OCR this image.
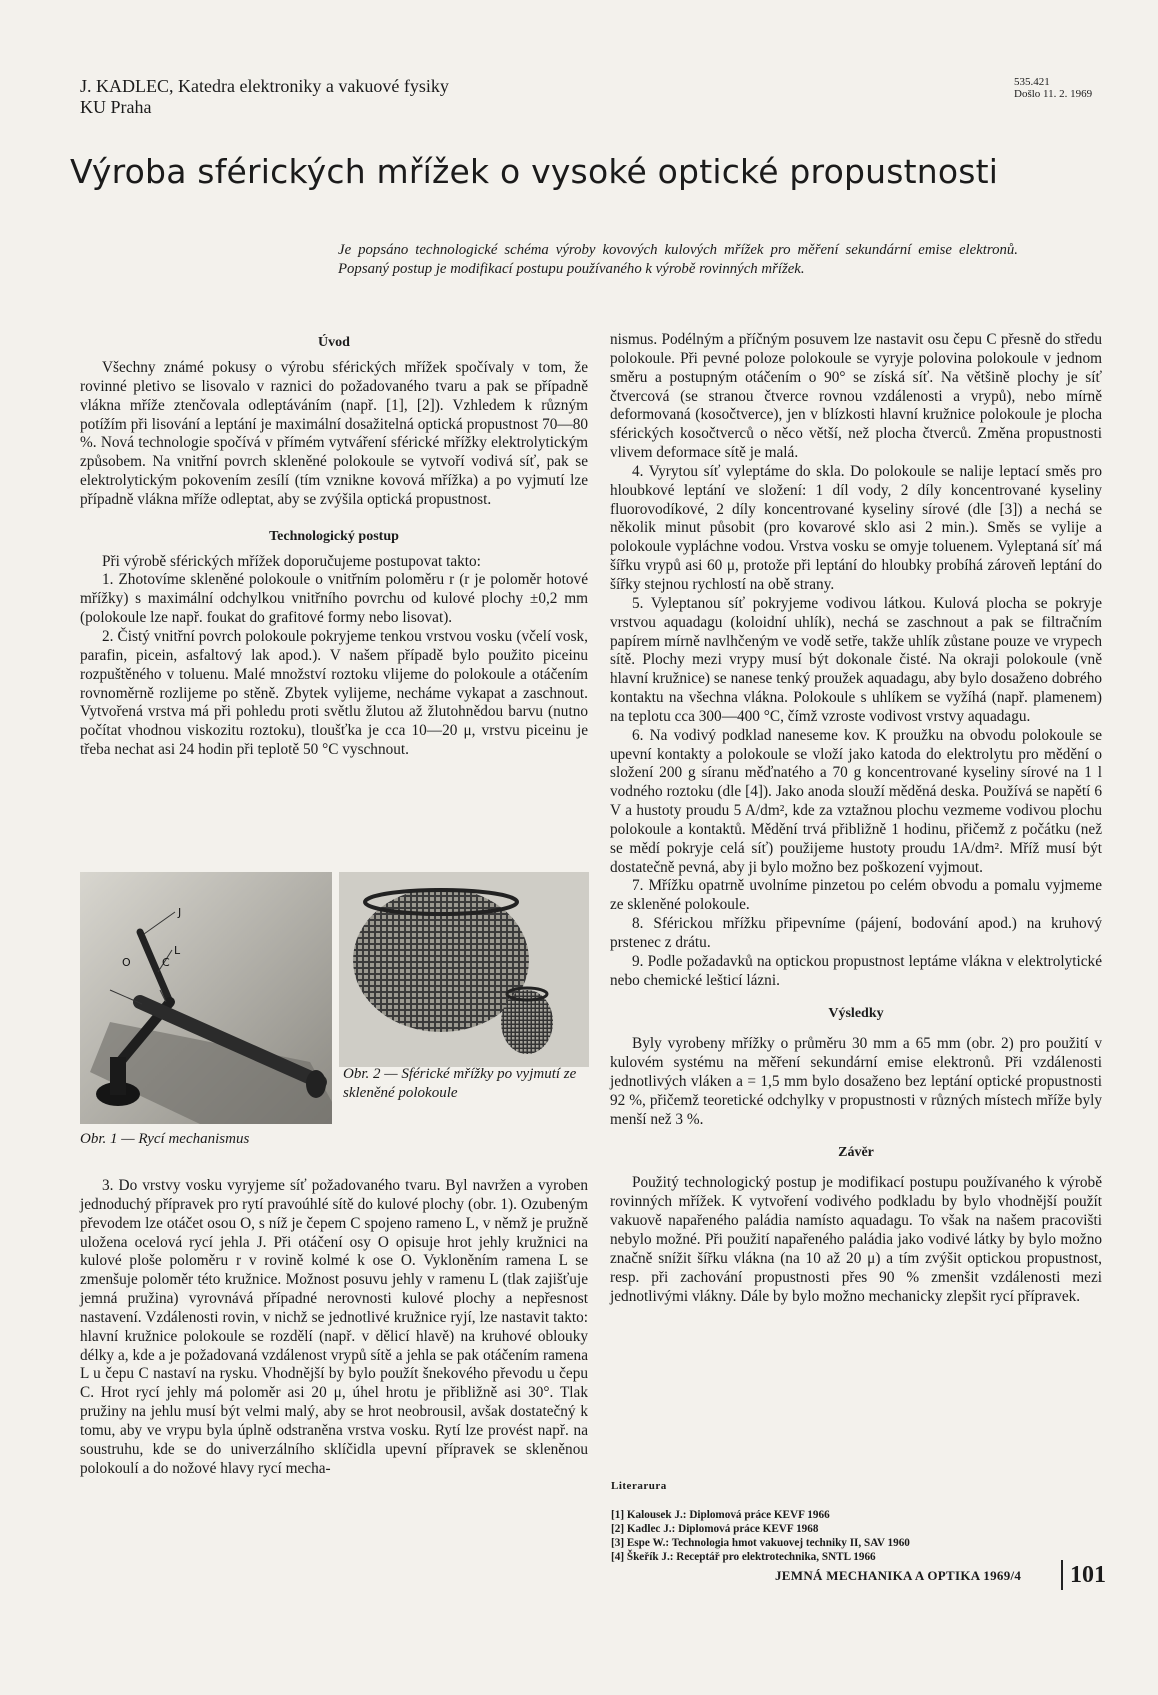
J. KADLEC, Katedra elektroniky a vakuové fysiky
KU Praha
535.421
Došlo 11. 2. 1969
Výroba sférických mřížek o vysoké optické propustnosti
Je popsáno technologické schéma výroby kovových kulových mřížek pro měření sekundární emise elektronů. Popsaný postup je modifikací postupu používaného k výrobě rovinných mřížek.
Úvod

Všechny známé pokusy o výrobu sférických mřížek spočívaly v tom, že rovinné pletivo se lisovalo v raznici do požadovaného tvaru a pak se případně vlákna mříže ztenčovala odleptáváním (např. [1], [2]). Vzhledem k různým potížím při lisování a leptání je maximální dosažitelná optická propustnost 70—80 %. Nová technologie spočívá v přímém vytváření sférické mřížky elektrolytickým způsobem. Na vnitřní povrch skleněné polokoule se vytvoří vodivá síť, pak se elektrolytickým pokovením zesílí (tím vznikne kovová mřížka) a po vyjmutí lze případně vlákna mříže odleptat, aby se zvýšila optická propustnost.

Technologický postup

Při výrobě sférických mřížek doporučujeme postupovat takto:

1. Zhotovíme skleněné polokoule o vnitřním poloměru r (r je poloměr hotové mřížky) s maximální odchylkou vnitřního povrchu od kulové plochy ±0,2 mm (polokoule lze např. foukat do grafitové formy nebo lisovat).

2. Čistý vnitřní povrch polokoule pokryjeme tenkou vrstvou vosku (včelí vosk, parafin, picein, asfaltový lak apod.). V našem případě bylo použito piceinu rozpuštěného v toluenu. Malé množství roztoku vlijeme do polokoule a otáčením rovnoměrně rozlijeme po stěně. Zbytek vylijeme, necháme vykapat a zaschnout. Vytvořená vrstva má při pohledu proti světlu žlutou až žlutohnědou barvu (nutno počítat vhodnou viskozitu roztoku), tloušťka je cca 10—20 μ, vrstvu piceinu je třeba nechat asi 24 hodin při teplotě 50 °C vyschnout.

J
L
O	C
Obr. 1 — Rycí mechanismus
Obr. 2 — Sférické mřížky po vyjmutí ze skleněné polokoule

3. Do vrstvy vosku vyryjeme síť požadovaného tvaru. Byl navržen a vyroben jednoduchý přípravek pro rytí pravoúhlé sítě do kulové plochy (obr. 1). Ozubeným převodem lze otáčet osou O, s níž je čepem C spojeno rameno L, v němž je pružně uložena ocelová rycí jehla J. Při otáčení osy O opisuje hrot jehly kružnici na kulové ploše poloměru r v rovině kolmé k ose O. Vykloněním ramena L se zmenšuje poloměr této kružnice. Možnost posuvu jehly v ramenu L (tlak zajišťuje jemná pružina) vyrovnává případné nerovnosti kulové plochy a nepřesnost nastavení. Vzdálenosti rovin, v nichž se jednotlivé kružnice ryjí, lze nastavit takto: hlavní kružnice polokoule se rozdělí (např. v dělicí hlavě) na kruhové oblouky délky a, kde a je požadovaná vzdálenost vrypů sítě a jehla se pak otáčením ramena L u čepu C nastaví na rysku. Vhodnější by bylo použít šnekového převodu u čepu C. Hrot rycí jehly má poloměr asi 20 μ, úhel hrotu je přibližně asi 30°. Tlak pružiny na jehlu musí být velmi malý, aby se hrot neobrousil, avšak dostatečný k tomu, aby ve vrypu byla úplně odstraněna vrstva vosku. Rytí lze provést např. na soustruhu, kde se do univerzálního sklíčidla upevní přípravek se skleněnou polokoulí a do nožové hlavy rycí mecha-

nismus. Podélným a příčným posuvem lze nastavit osu čepu C přesně do středu polokoule. Při pevné poloze polokoule se vyryje polovina polokoule v jednom směru a postupným otáčením o 90° se získá síť. Na většině plochy je síť čtvercová (se stranou čtverce rovnou vzdálenosti a vrypů), nebo mírně deformovaná (kosočtverce), jen v blízkosti hlavní kružnice polokoule je plocha sférických kosočtverců o něco větší, než plocha čtverců. Změna propustnosti vlivem deformace sítě je malá.

4. Vyrytou síť vyleptáme do skla. Do polokoule se nalije leptací směs pro hloubkové leptání ve složení: 1 díl vody, 2 díly koncentrované kyseliny fluorovodíkové, 2 díly koncentrované kyseliny sírové (dle [3]) a nechá se několik minut působit (pro kovarové sklo asi 2 min.). Směs se vylije a polokoule vypláchne vodou. Vrstva vosku se omyje toluenem. Vyleptaná síť má šířku vrypů asi 60 μ, protože při leptání do hloubky probíhá zároveň leptání do šířky stejnou rychlostí na obě strany.

5. Vyleptanou síť pokryjeme vodivou látkou. Kulová plocha se pokryje vrstvou aquadagu (koloidní uhlík), nechá se zaschnout a pak se filtračním papírem mírně navlhčeným ve vodě setře, takže uhlík zůstane pouze ve vrypech sítě. Plochy mezi vrypy musí být dokonale čisté. Na okraji polokoule (vně hlavní kružnice) se nanese tenký proužek aquadagu, aby bylo dosaženo dobrého kontaktu na všechna vlákna. Polokoule s uhlíkem se vyžíhá (např. plamenem) na teplotu cca 300—400 °C, čímž vzroste vodivost vrstvy aquadagu.

6. Na vodivý podklad naneseme kov. K proužku na obvodu polokoule se upevní kontakty a polokoule se vloží jako katoda do elektrolytu pro mědění o složení 200 g síranu měďnatého a 70 g koncentrované kyseliny sírové na 1 l vodného roztoku (dle [4]). Jako anoda slouží měděná deska. Používá se napětí 6 V a hustoty proudu 5 A/dm², kde za vztažnou plochu vezmeme vodivou plochu polokoule a kontaktů. Mědění trvá přibližně 1 hodinu, přičemž z počátku (než se mědí pokryje celá síť) použijeme hustoty proudu 1A/dm². Mříž musí být dostatečně pevná, aby ji bylo možno bez poškození vyjmout.

7. Mřížku opatrně uvolníme pinzetou po celém obvodu a pomalu vyjmeme ze skleněné polokoule.

8. Sférickou mřížku připevníme (pájení, bodování apod.) na kruhový prstenec z drátu.

9. Podle požadavků na optickou propustnost leptáme vlákna v elektrolytické nebo chemické lešticí lázni.

Výsledky

Byly vyrobeny mřížky o průměru 30 mm a 65 mm (obr. 2) pro použití v kulovém systému na měření sekundární emise elektronů. Při vzdálenosti jednotlivých vláken a = 1,5 mm bylo dosaženo bez leptání optické propustnosti 92 %, přičemž teoretické odchylky v propustnosti v různých místech mříže byly menší než 3 %.

Závěr

Použitý technologický postup je modifikací postupu používaného k výrobě rovinných mřížek. K vytvoření vodivého podkladu by bylo vhodnější použít vakuově napařeného paládia namísto aquadagu. To však na našem pracovišti nebylo možné. Při použití napařeného paládia jako vodivé látky by bylo možno značně snížit šířku vlákna (na 10 až 20 μ) a tím zvýšit optickou propustnost, resp. při zachování propustnosti přes 90 % zmenšit vzdálenosti mezi jednotlivými vlákny. Dále by bylo možno mechanicky zlepšit rycí přípravek.

Literarura
[1] Kalousek J.: Diplomová práce KEVF 1966
[2] Kadlec J.: Diplomová práce KEVF 1968
[3] Espe W.: Technologia hmot vakuovej techniky II, SAV 1960
[4] Škeřík J.: Receptář pro elektrotechnika, SNTL 1966
JEMNÁ MECHANIKA A OPTIKA 1969/4 101
